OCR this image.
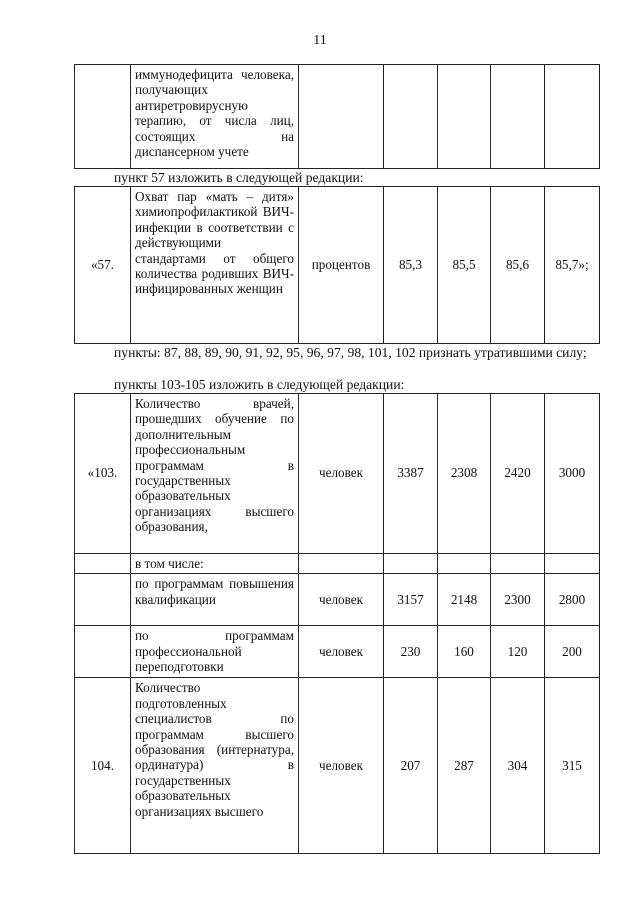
11
	иммунодефицита человека, получающих антиретровирусную терапию, от числа лиц, состоящих на диспансерном учете					

пункт 57 изложить в следующей редакции:

«57.	Охват пар «мать – дитя» химиопрофилактикой ВИЧ-инфекции в соответствии с действующими стандартами от общего количества родивших ВИЧ-инфицированных женщин	процентов	85,3	85,5	85,6	85,7»;

пункты: 87, 88, 89, 90, 91, 92, 95, 96, 97, 98, 101, 102 признать утратившими силу;

пункты 103-105 изложить в следующей редакции:

«103.	Количество врачей, прошедших обучение по дополнительным профессиональным программам в государственных образовательных организациях высшего образования,	человек	3387	2308	2420	3000
	в том числе:					
	по программам повышения квалификации	человек	3157	2148	2300	2800
	по программам профессиональной переподготовки	человек	230	160	120	200
104.	Количество подготовленных специалистов по программам высшего образования (интернатура, ординатура) в государственных образовательных организациях высшего	человек	207	287	304	315
